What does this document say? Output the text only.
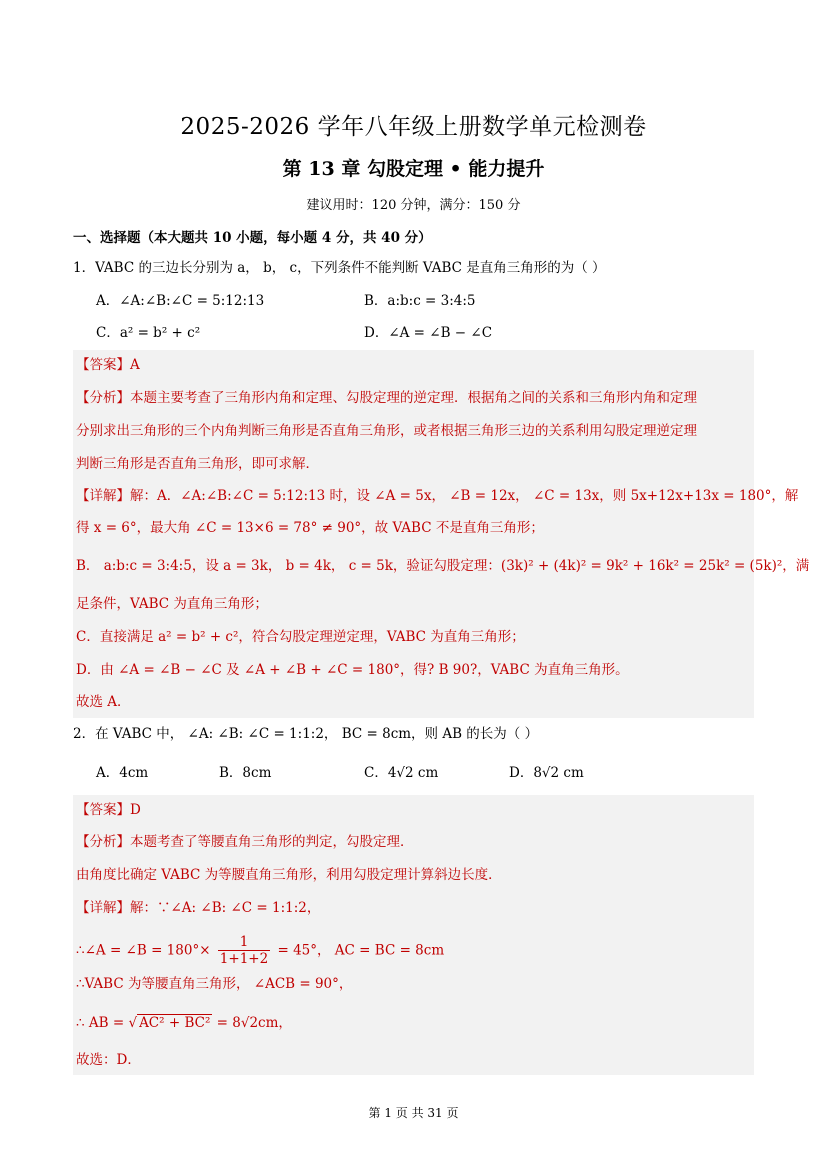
2025-2026 学年八年级上册数学单元检测卷
第 13 章 勾股定理 • 能力提升
建议用时：120 分钟，满分：150 分
一、选择题（本大题共 10 小题，每小题 4 分，共 40 分）
1．VABC 的三边长分别为 a， b， c，下列条件不能判断 VABC 是直角三角形的为（ ）
A．∠A:∠B:∠C = 5:12:13	B．a:b:c = 3:4:5
C．a² = b² + c²	D．∠A = ∠B − ∠C
【答案】A
【分析】本题主要考查了三角形内角和定理、勾股定理的逆定理．根据角之间的关系和三角形内角和定理
分别求出三角形的三个内角判断三角形是否直角三角形，或者根据三角形三边的关系利用勾股定理逆定理
判断三角形是否直角三角形，即可求解．
【详解】解：A．∠A:∠B:∠C = 5:12:13 时，设 ∠A = 5x， ∠B = 12x， ∠C = 13x，则 5x+12x+13x = 180°，解
得 x = 6°，最大角 ∠C = 13×6 = 78° ≠ 90°，故 VABC 不是直角三角形；
B． a:b:c = 3:4:5，设 a = 3k， b = 4k， c = 5k，验证勾股定理：(3k)² + (4k)² = 9k² + 16k² = 25k² = (5k)²，满
足条件，VABC 为直角三角形；
C．直接满足 a² = b² + c²，符合勾股定理逆定理，VABC 为直角三角形；
D．由 ∠A = ∠B − ∠C 及 ∠A + ∠B + ∠C = 180°，得? B 90?，VABC 为直角三角形。
故选 A．
2．在 VABC 中， ∠A: ∠B: ∠C = 1:1:2， BC = 8cm，则 AB 的长为（ ）
A．4cm	B．8cm	C．4√2 cm	D．8√2 cm
【答案】D
【分析】本题考查了等腰直角三角形的判定，勾股定理．
由角度比确定 VABC 为等腰直角三角形，利用勾股定理计算斜边长度．
【详解】解：∵∠A: ∠B: ∠C = 1:1:2，
∴∠A = ∠B = $180^\circ\times \frac{1}{1+1+2} = 45^\circ$， AC = BC = 8cm
∴VABC 为等腰直角三角形， ∠ACB = 90°，
∴ AB = √ AC² + BC² = 8√2cm，
故选：D．
第 1 页 共 31 页
